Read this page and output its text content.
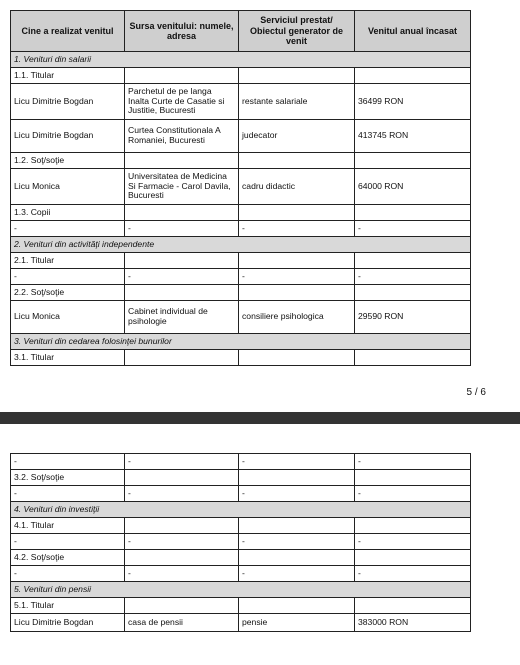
Cine a realizat venitul	Sursa venitului: numele, adresa	Serviciul prestat/ Obiectul generator de venit	Venitul anual încasat
1. Venituri din salarii			
1.1. Titular			
Licu Dimitrie Bogdan	Parchetul de pe langa Inalta Curte de Casatie si Justitie, Bucuresti	restante salariale	36499 RON
Licu Dimitrie Bogdan	Curtea Constitutionala A Romaniei, Bucuresti	judecator	413745 RON
1.2. Soţ/soţie			
Licu Monica	Universitatea de Medicina Si Farmacie - Carol Davila, Bucuresti	cadru didactic	64000 RON
1.3. Copii			
-	-	-	-
2. Venituri din activităţi independente			
2.1. Titular			
-	-	-	-
2.2. Soţ/soţie			
Licu Monica	Cabinet individual de psihologie	consiliere psihologica	29590 RON
3. Venituri din cedarea folosinţei bunurilor			
3.1. Titular			
5 / 6
-	-	-	-
3.2. Soţ/soţie			
-	-	-	-
4. Venituri din investiţii			
4.1. Titular			
-	-	-	-
4.2. Soţ/soţie			
-	-	-	-
5. Venituri din pensii			
5.1. Titular			
Licu Dimitrie Bogdan	casa de pensii	pensie	383000 RON
